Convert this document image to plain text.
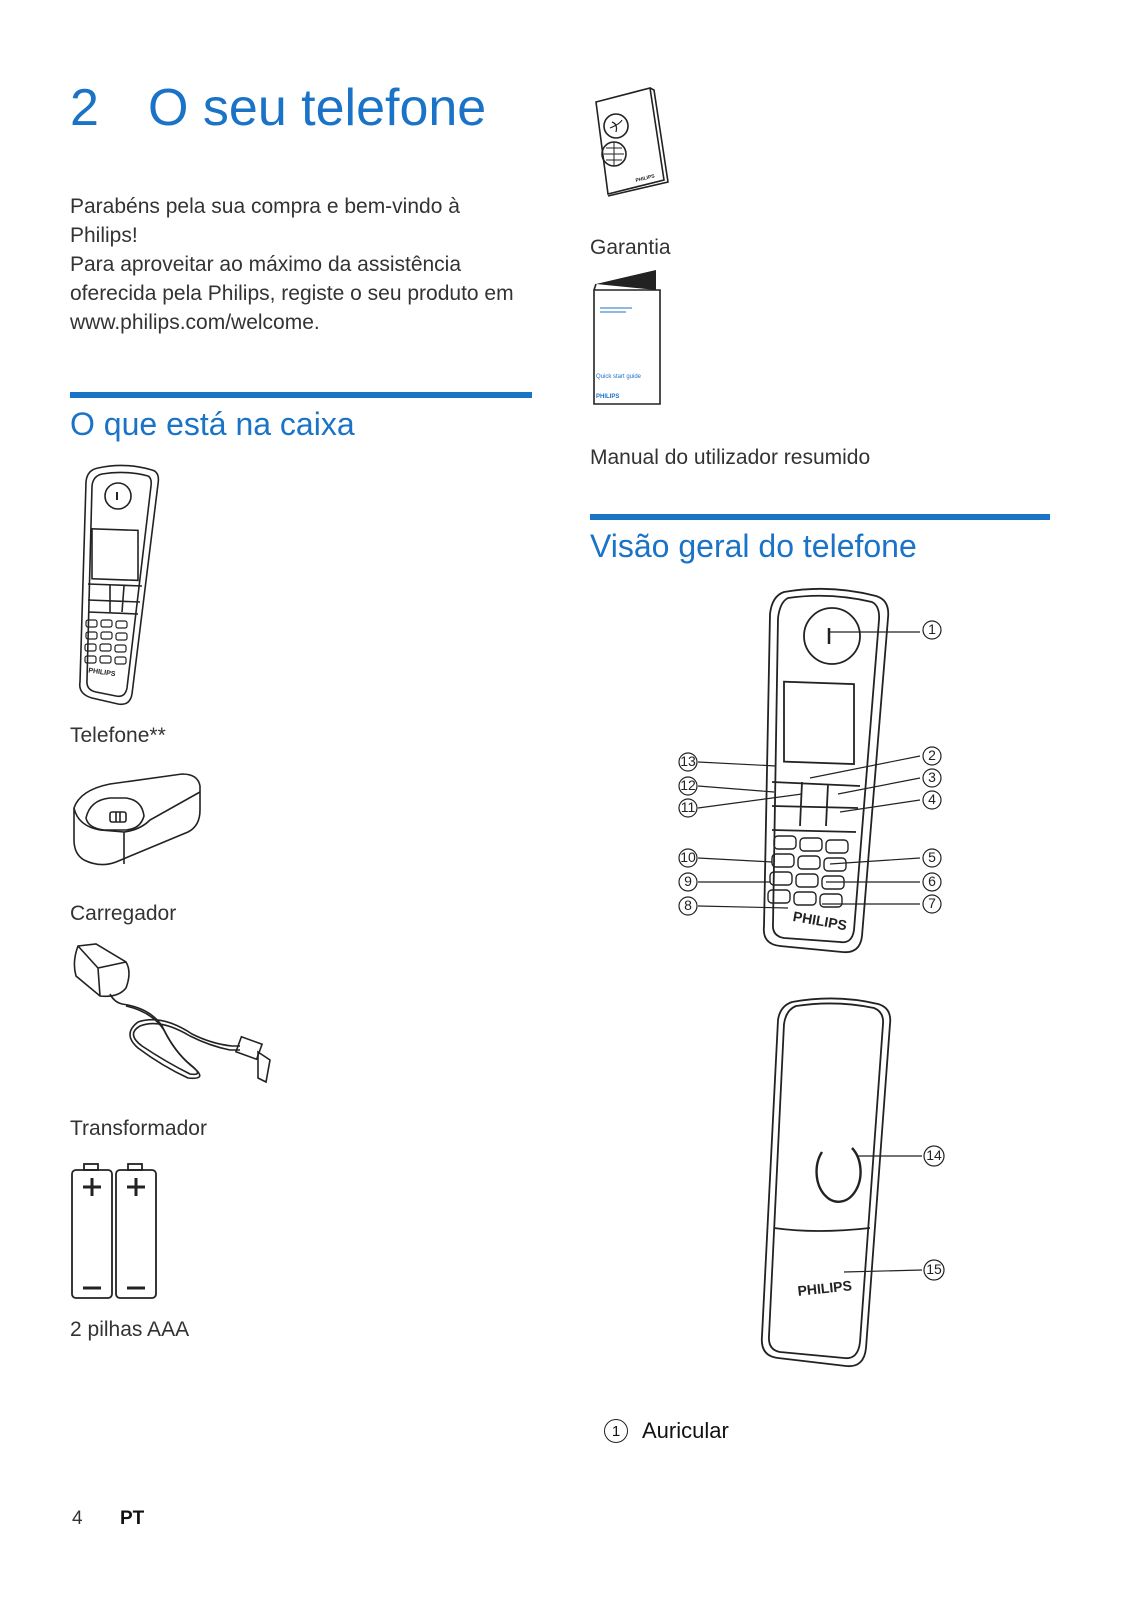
2 O seu telefone

Parabéns pela sua compra e bem-vindo à
Philips!
Para aproveitar ao máximo da assistência
oferecida pela Philips, registe o seu produto em
www.philips.com/welcome.

O que está na caixa
PHILIPS
Telefone**
Carregador
Transformador
2 pilhas AAA
PHILIPS
Garantia
Quick start guide
PHILIPS
Manual do utilizador resumido
Visão geral do telefone
PHILIPS
1
2
3
4
5
6
7
8
9
10
11
12
13
PHILIPS
14
15
1 Auricular
4 PT
